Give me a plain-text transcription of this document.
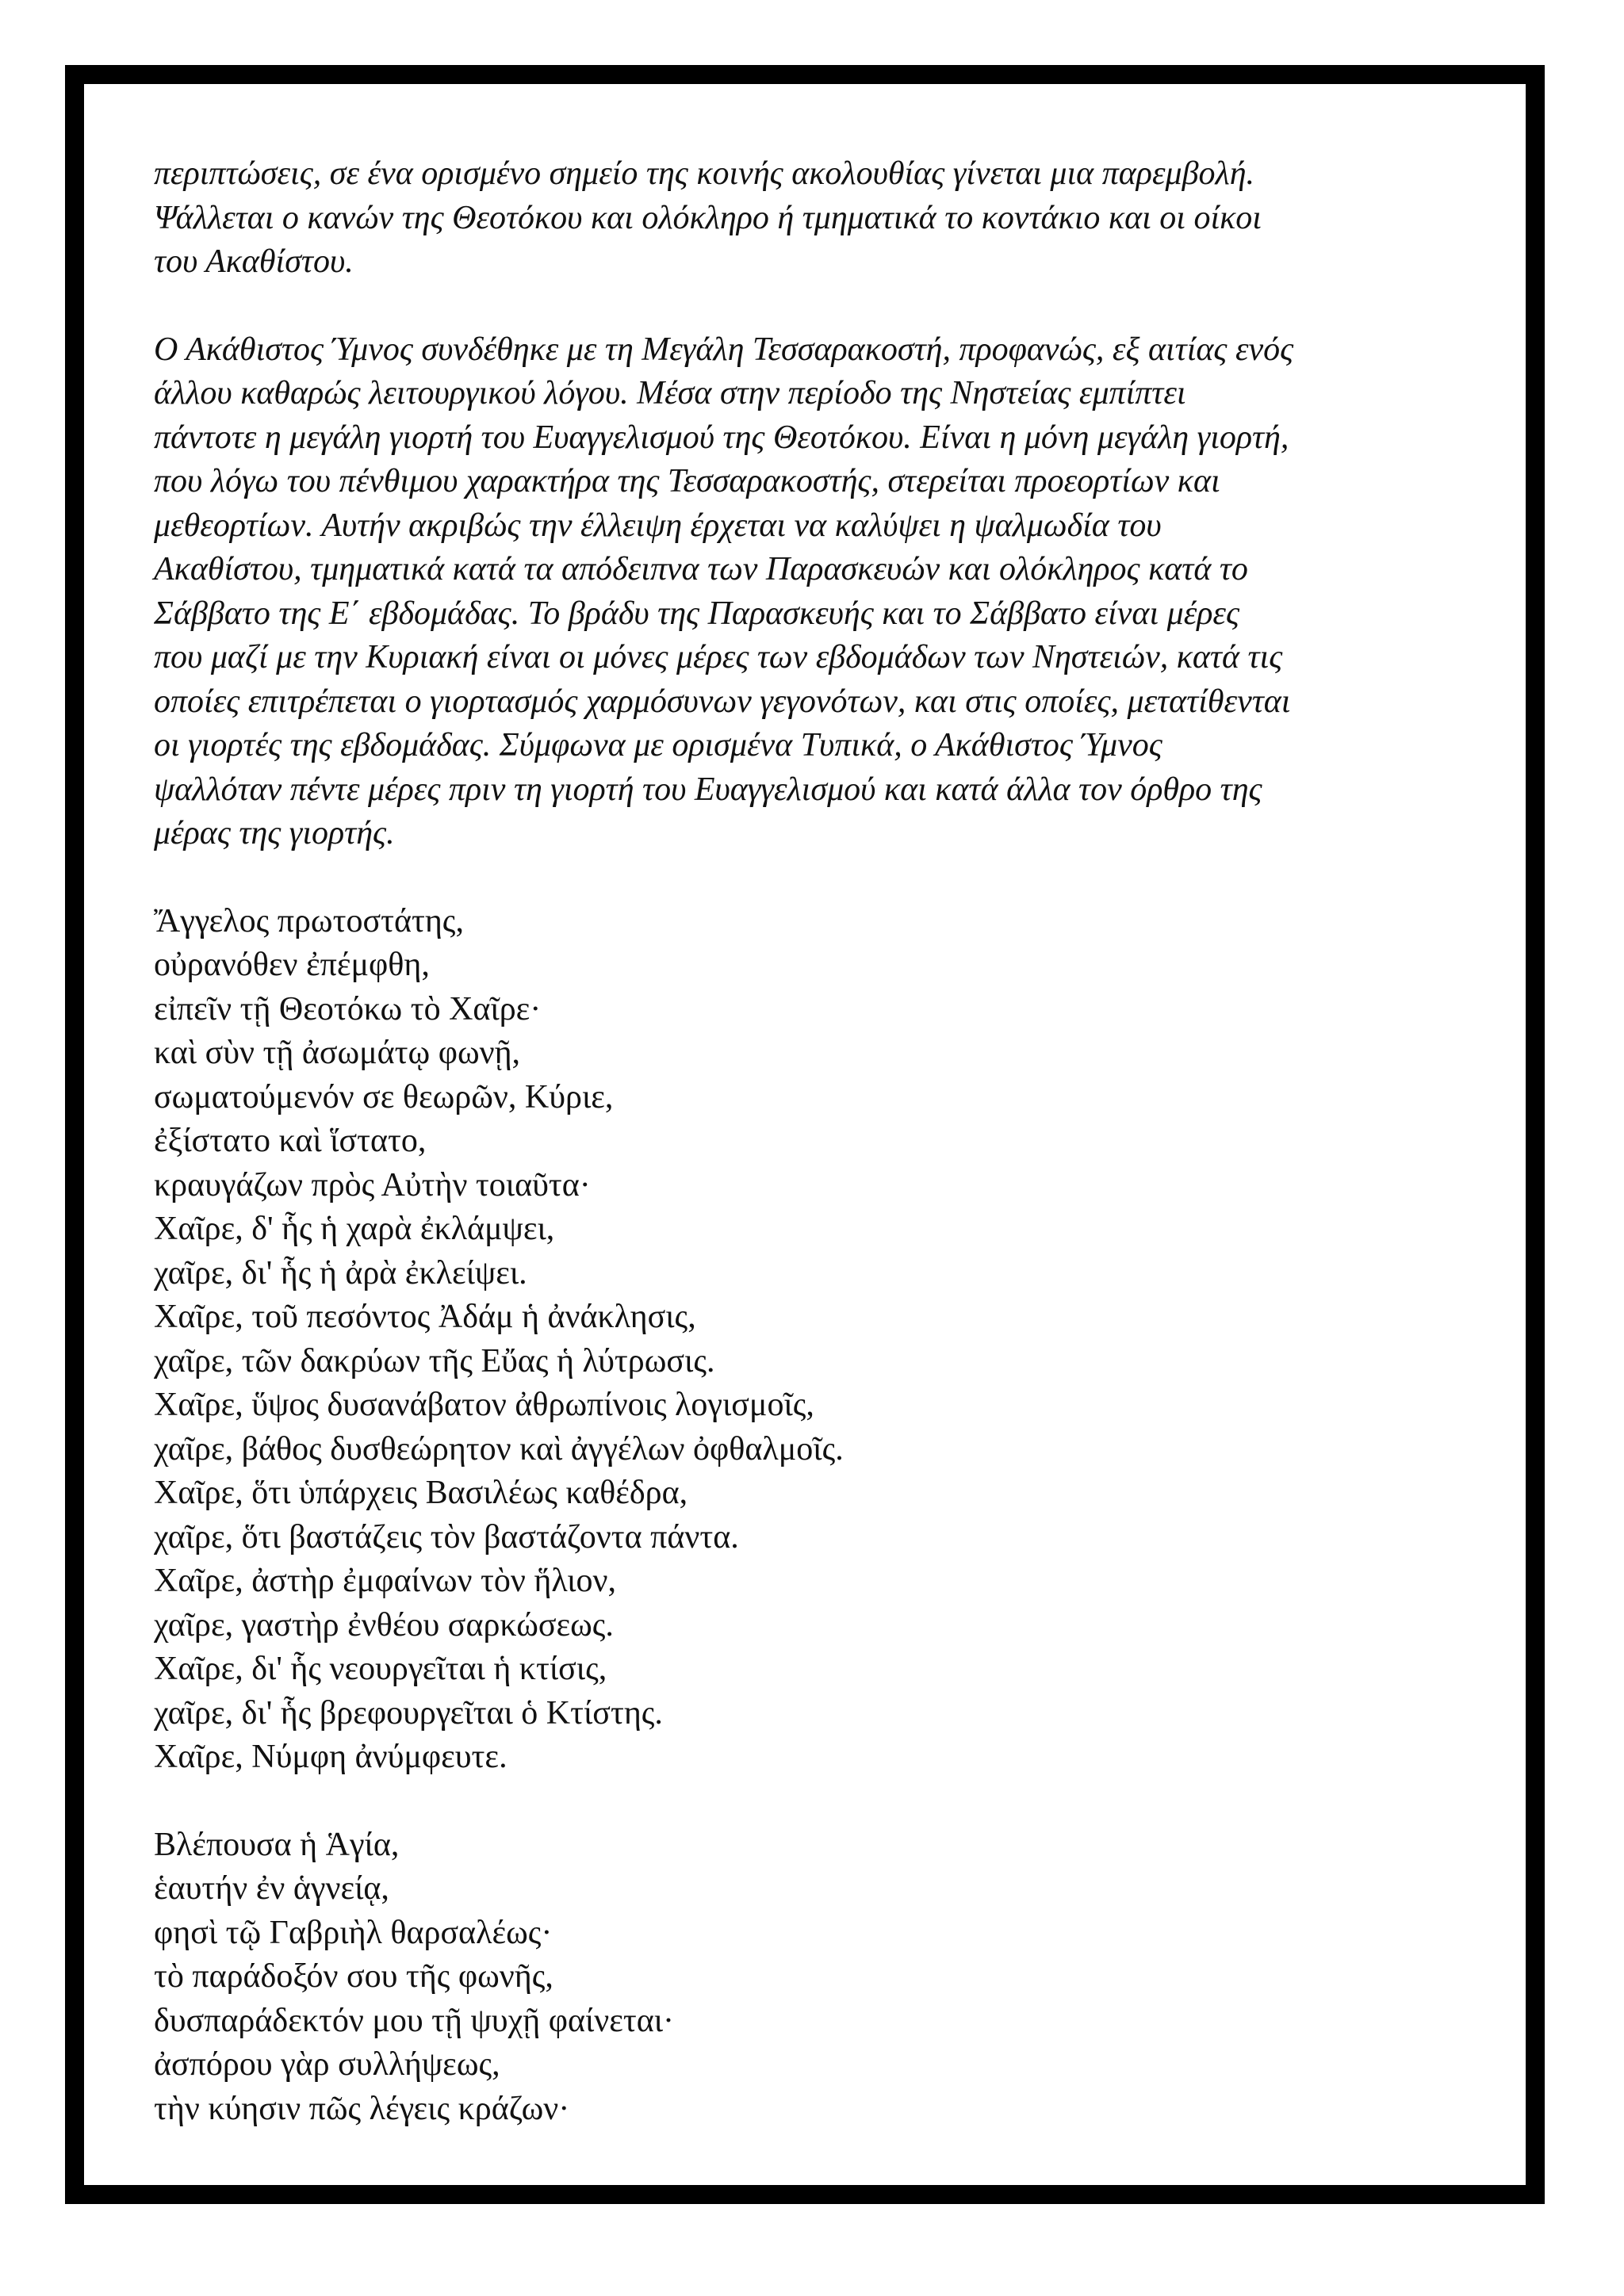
περιπτώσεις, σε ένα ορισμένο σημείο της κοινής ακολουθίας γίνεται μια παρεμβολή.
Ψάλλεται ο κανών της Θεοτόκου και ολόκληρο ή τμηματικά το κοντάκιο και οι οίκοι
του Ακαθίστου.
Ο Ακάθιστος Ύμνος συνδέθηκε με τη Μεγάλη Τεσσαρακοστή, προφανώς, εξ αιτίας ενός
άλλου καθαρώς λειτουργικού λόγου. Μέσα στην περίοδο της Νηστείας εμπίπτει
πάντοτε η μεγάλη γιορτή του Ευαγγελισμού της Θεοτόκου. Είναι η μόνη μεγάλη γιορτή,
που λόγω του πένθιμου χαρακτήρα της Τεσσαρακοστής, στερείται προεορτίων και
μεθεορτίων. Αυτήν ακριβώς την έλλειψη έρχεται να καλύψει η ψαλμωδία του
Ακαθίστου, τμηματικά κατά τα απόδειπνα των Παρασκευών και ολόκληρος κατά το
Σάββατο της Ε΄ εβδομάδας. Το βράδυ της Παρασκευής και το Σάββατο είναι μέρες
που μαζί με την Κυριακή είναι οι μόνες μέρες των εβδομάδων των Νηστειών, κατά τις
οποίες επιτρέπεται ο γιορτασμός χαρμόσυνων γεγονότων, και στις οποίες, μετατίθενται
οι γιορτές της εβδομάδας. Σύμφωνα με ορισμένα Τυπικά, ο Ακάθιστος Ύμνος
ψαλλόταν πέντε μέρες πριν τη γιορτή του Ευαγγελισμού και κατά άλλα τον όρθρο της
μέρας της γιορτής.
Ἄγγελος πρωτοστάτης,
οὐρανόθεν ἐπέμφθη,
εἰπεῖν τῇ Θεοτόκω τὸ Χαῖρε·
καὶ σὺν τῇ ἀσωμάτῳ φωνῇ,
σωματούμενόν σε θεωρῶν, Κύριε,
ἐξίστατο καὶ ἵστατο,
κραυγάζων πρὸς Αὐτὴν τοιαῦτα·
Χαῖρε, δ' ἧς ἡ χαρὰ ἐκλάμψει,
χαῖρε, δι' ἧς ἡ ἀρὰ ἐκλείψει.
Χαῖρε, τοῦ πεσόντος Ἀδάμ ἡ ἀνάκλησις,
χαῖρε, τῶν δακρύων τῆς Εὔας ἡ λύτρωσις.
Χαῖρε, ὕψος δυσανάβατον ἀθρωπίνοις λογισμοῖς,
χαῖρε, βάθος δυσθεώρητον καὶ ἀγγέλων ὀφθαλμοῖς.
Χαῖρε, ὅτι ὑπάρχεις Βασιλέως καθέδρα,
χαῖρε, ὅτι βαστάζεις τὸν βαστάζοντα πάντα.
Χαῖρε, ἀστὴρ ἐμφαίνων τὸν ἥλιον,
χαῖρε, γαστὴρ ἐνθέου σαρκώσεως.
Χαῖρε, δι' ἧς νεουργεῖται ἡ κτίσις,
χαῖρε, δι' ἧς βρεφουργεῖται ὁ Κτίστης.
Χαῖρε, Νύμφη ἀνύμφευτε.
Βλέπουσα ἡ Ἁγία,
ἑαυτήν ἐν ἁγνείᾳ,
φησὶ τῷ Γαβριὴλ θαρσαλέως·
τὸ παράδοξόν σου τῆς φωνῆς,
δυσπαράδεκτόν μου τῇ ψυχῇ φαίνεται·
ἀσπόρου γὰρ συλλήψεως,
τὴν κύησιν πῶς λέγεις κράζων·
